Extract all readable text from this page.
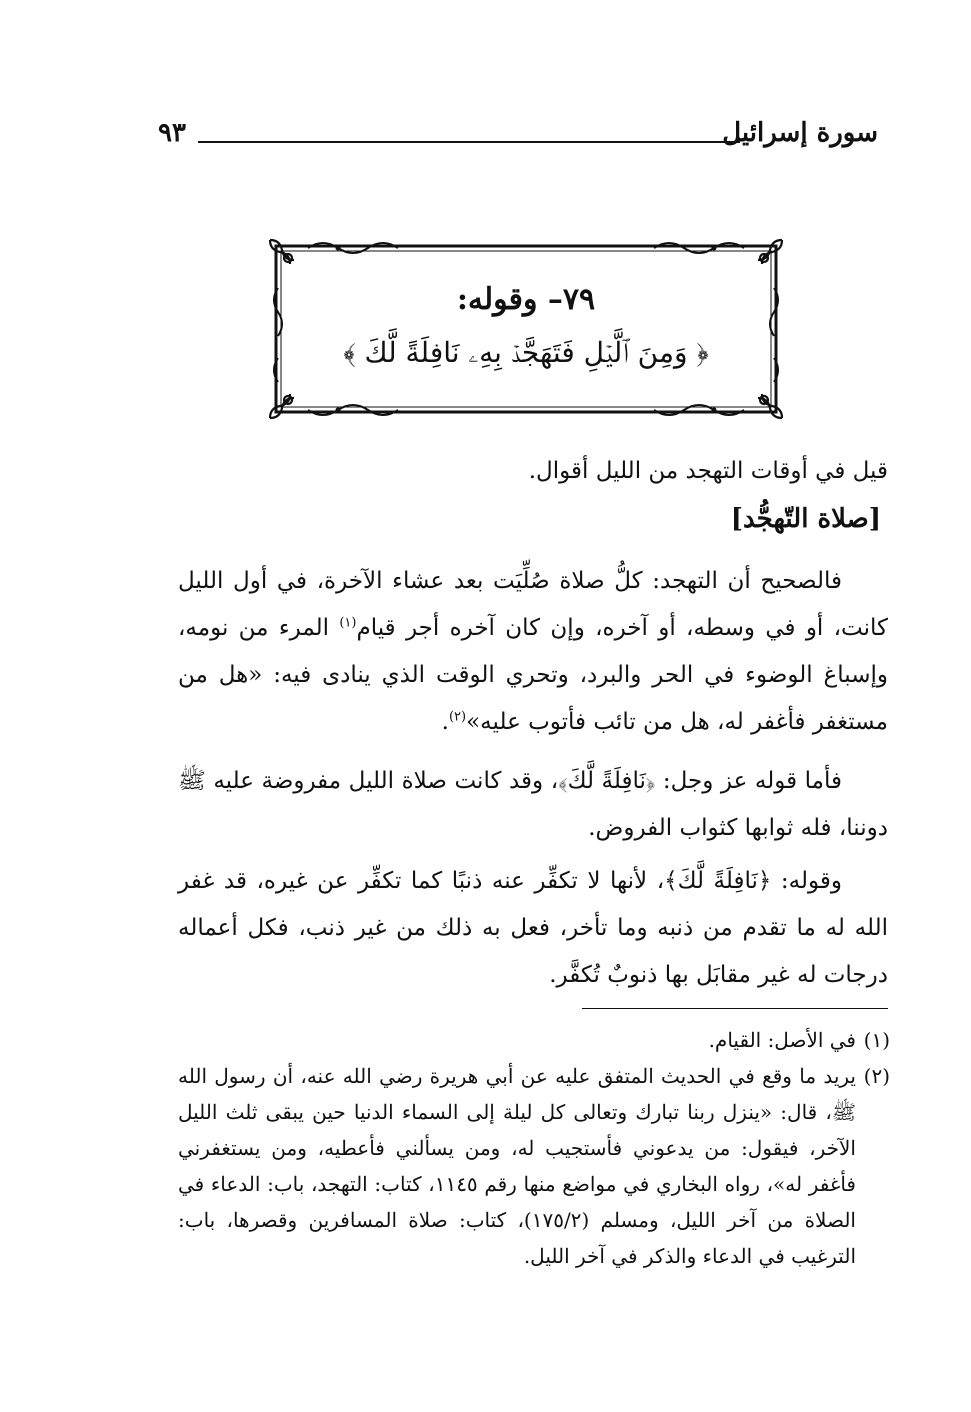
سورة إسرائيل
٩٣
٧٩– وقوله:
﴿ وَمِنَ ٱلَّيۡلِ فَتَهَجَّدۡ بِهِۦ نَافِلَةً لَّكَ ﴾
قيل في أوقات التهجد من الليل أقوال.
[صلاة التّهجُّد]
فالصحيح أن التهجد: كلُّ صلاة صُلِّيَت بعد عشاء الآخرة، في أول الليل كانت، أو في وسطه، أو آخره، وإن كان آخره أجر قيام$^{(١)}$ المرء من نومه، وإسباغ الوضوء في الحر والبرد، وتحري الوقت الذي ينادى فيه: «هل من مستغفر فأغفر له، هل من تائب فأتوب عليه»$^{(٢)}$.
فأما قوله عز وجل: ﴿نَافِلَةً لَّكَ﴾، وقد كانت صلاة الليل مفروضة عليه ﷺ دوننا، فله ثوابها كثواب الفروض.
وقوله: ﴿نَافِلَةً لَّكَ﴾، لأنها لا تكفِّر عنه ذنبًا كما تكفِّر عن غيره، قد غفر الله له ما تقدم من ذنبه وما تأخر، فعل به ذلك من غير ذنب، فكل أعماله درجات له غير مقابَل بها ذنوبٌ تُكفَّر.
(١)
في الأصل: القيام.
(٢)
يريد ما وقع في الحديث المتفق عليه عن أبي هريرة رضي الله عنه، أن رسول الله ﷺ، قال: «ينزل ربنا تبارك وتعالى كل ليلة إلى السماء الدنيا حين يبقى ثلث الليل الآخر، فيقول: من يدعوني فأستجيب له، ومن يسألني فأعطيه، ومن يستغفرني فأغفر له»، رواه البخاري في مواضع منها رقم ١١٤٥، كتاب: التهجد، باب: الدعاء في الصلاة من آخر الليل، ومسلم (١٧٥/٢)، كتاب: صلاة المسافرين وقصرها، باب: الترغيب في الدعاء والذكر في آخر الليل.
